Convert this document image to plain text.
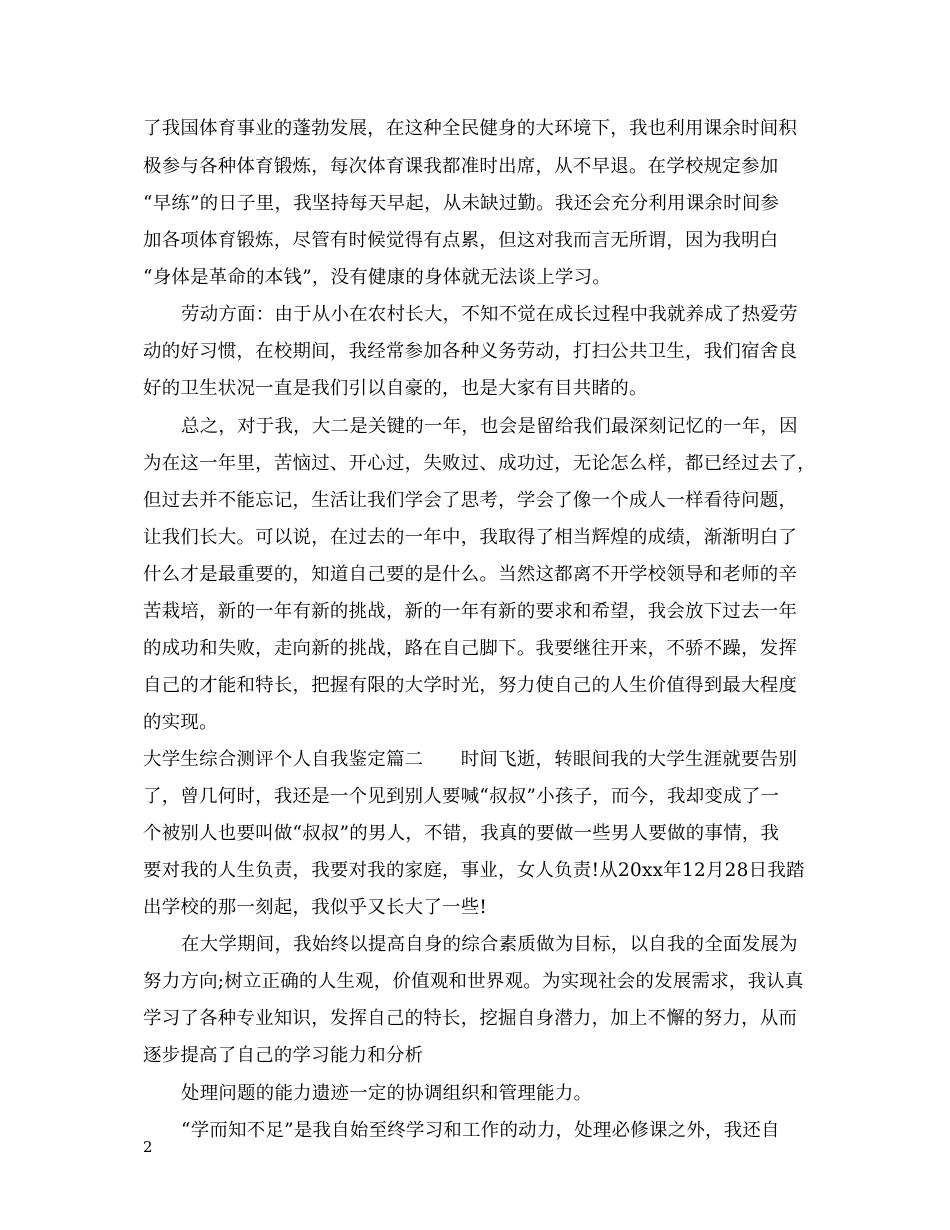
了我国体育事业的蓬勃发展，在这种全民健身的大环境下，我也利用课余时间积
极参与各种体育锻炼，每次体育课我都准时出席，从不早退。在学校规定参加
“早练”的日子里，我坚持每天早起，从未缺过勤。我还会充分利用课余时间参
加各项体育锻炼，尽管有时候觉得有点累，但这对我而言无所谓，因为我明白
“身体是革命的本钱”，没有健康的身体就无法谈上学习。
劳动方面：由于从小在农村长大，不知不觉在成长过程中我就养成了热爱劳
动的好习惯，在校期间，我经常参加各种义务劳动，打扫公共卫生，我们宿舍良
好的卫生状况一直是我们引以自豪的，也是大家有目共睹的。
总之，对于我，大二是关键的一年，也会是留给我们最深刻记忆的一年，因
为在这一年里，苦恼过、开心过，失败过、成功过，无论怎么样，都已经过去了，
但过去并不能忘记，生活让我们学会了思考，学会了像一个成人一样看待问题，
让我们长大。可以说，在过去的一年中，我取得了相当辉煌的成绩，渐渐明白了
什么才是最重要的，知道自己要的是什么。当然这都离不开学校领导和老师的辛
苦栽培，新的一年有新的挑战，新的一年有新的要求和希望，我会放下过去一年
的成功和失败，走向新的挑战，路在自己脚下。我要继往开来，不骄不躁，发挥
自己的才能和特长，把握有限的大学时光，努力使自己的人生价值得到最大程度
的实现。
大学生综合测评个人自我鉴定篇二　　时间飞逝，转眼间我的大学生涯就要告别
了，曾几何时，我还是一个见到别人要喊“叔叔”小孩子，而今，我却变成了一
个被别人也要叫做“叔叔”的男人，不错，我真的要做一些男人要做的事情，我
要对我的人生负责，我要对我的家庭，事业，女人负责!从20xx年12月28日我踏
出学校的那一刻起，我似乎又长大了一些!
在大学期间，我始终以提高自身的综合素质做为目标，以自我的全面发展为
努力方向;树立正确的人生观，价值观和世界观。为实现社会的发展需求，我认真
学习了各种专业知识，发挥自己的特长，挖掘自身潜力，加上不懈的努力，从而
逐步提高了自己的学习能力和分析
处理问题的能力遗迹一定的协调组织和管理能力。
“学而知不足”是我自始至终学习和工作的动力，处理必修课之外，我还自
2
